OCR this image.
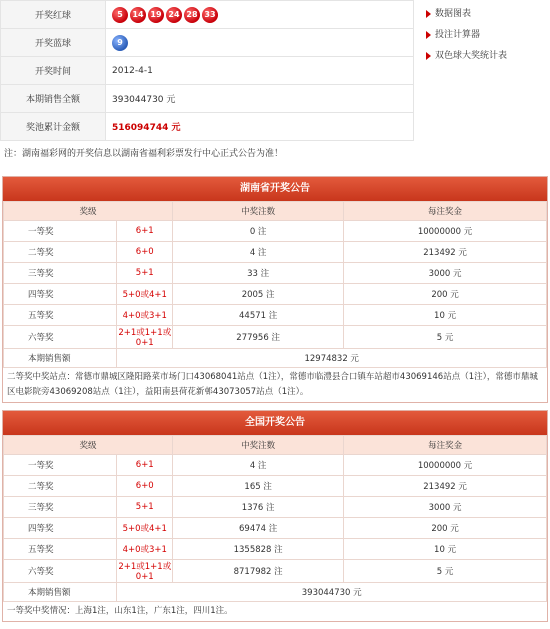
开奖红球	5 14 19 24 28 33
开奖蓝球	9
开奖时间	2012-4-1
本期销售全额	393044730 元
奖池累计金额	516094744 元
数据图表
投注计算器
双色球大奖统计表
注：湖南福彩网的开奖信息以湖南省福利彩票发行中心正式公告为准！
湖南省开奖公告
奖级		中奖注数	每注奖金
一等奖	6+1	0 注	10000000 元
二等奖	6+0	4 注	213492 元
三等奖	5+1	33 注	3000 元
四等奖	5+0或4+1	2005 注	200 元
五等奖	4+0或3+1	44571 注	10 元
六等奖	2+1或1+1或0+1	277956 注	5 元
本期销售额	12974832 元		
二等奖中奖站点：常德市鼎城区隆阳路菜市场门口43068041站点（1注），常德市临澧县合口镇车站超市43069146站点（1注），常德市鼎城区电影院旁43069208站点（1注），益阳南县荷花新邨43073057站点（1注）。
全国开奖公告
奖级		中奖注数	每注奖金
一等奖	6+1	4 注	10000000 元
二等奖	6+0	165 注	213492 元
三等奖	5+1	1376 注	3000 元
四等奖	5+0或4+1	69474 注	200 元
五等奖	4+0或3+1	1355828 注	10 元
六等奖	2+1或1+1或0+1	8717982 注	5 元
本期销售额	393044730 元		
一等奖中奖情况：上海1注，山东1注，广东1注，四川1注。
